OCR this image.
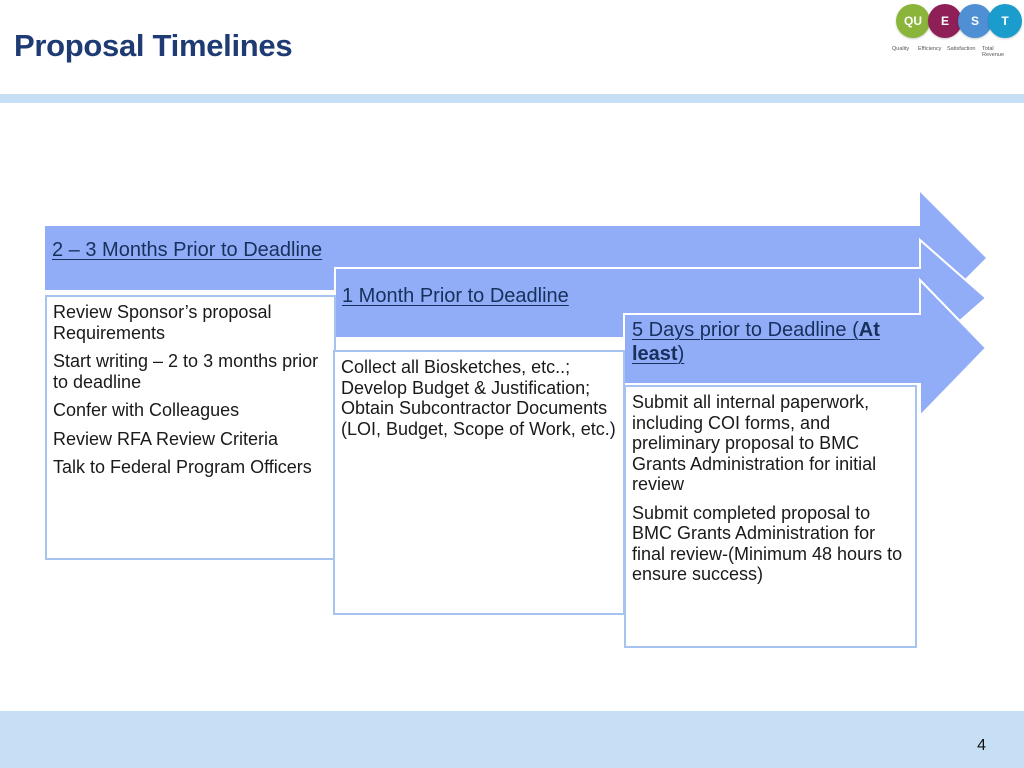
Proposal Timelines
QU E S T
Quality Efficiency Satisfaction Total Revenue
2 – 3 Months Prior to Deadline
1 Month Prior to Deadline
5 Days prior to Deadline (At least)

Review Sponsor’s proposal Requirements

Start writing – 2 to 3 months prior to deadline

Confer with Colleagues

Review RFA Review Criteria

Talk to Federal Program Officers

Collect all Biosketches, etc..; Develop Budget & Justification; Obtain Subcontractor Documents (LOI, Budget, Scope of Work, etc.)

Submit all internal paperwork, including COI forms, and preliminary proposal to BMC Grants Administration for initial review

Submit completed proposal to BMC Grants Administration for final review-(Minimum 48 hours to ensure success)

4
